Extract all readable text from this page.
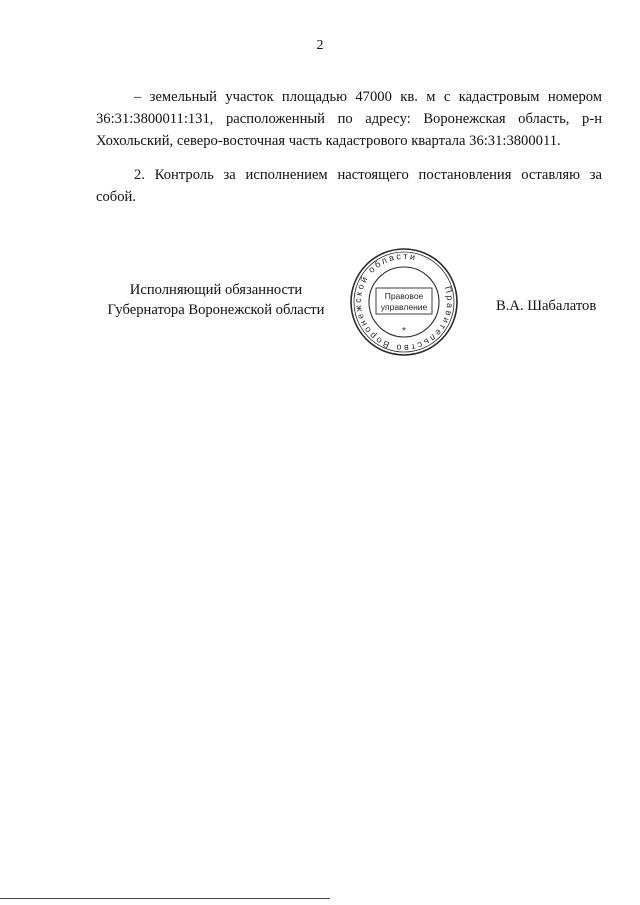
2

– земельный участок площадью 47000 кв. м с кадастровым номером 36:31:3800011:131, расположенный по адресу: Воронежская область, р-н Хохольский, северо-восточная часть кадастрового квартала 36:31:3800011.

2. Контроль за исполнением настоящего постановления оставляю за собой.

Исполняющий обязанности
Губернатора Воронежской области
Правительство Воронежской области
Правовое
управление
*
В.А. Шабалатов
